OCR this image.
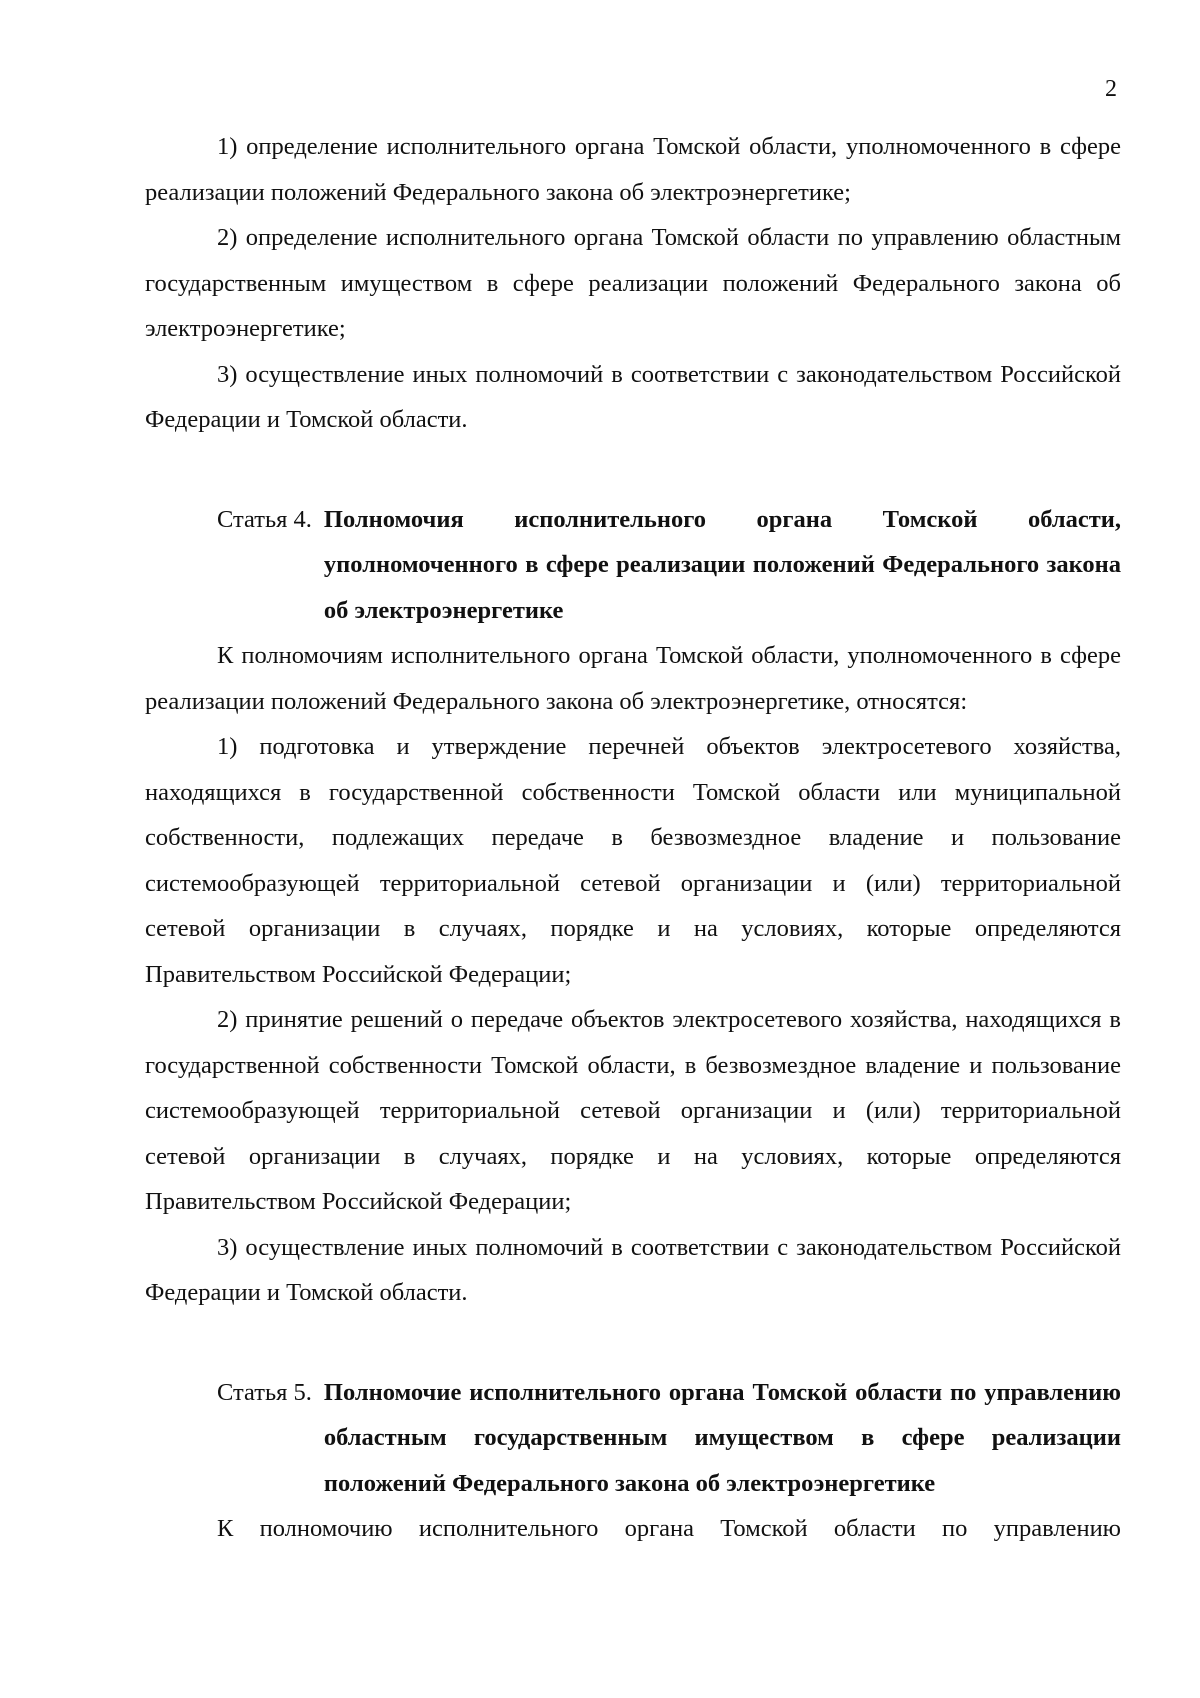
2

1) определение исполнительного органа Томской области, уполномоченного в сфере реализации положений Федерального закона об электроэнергетике;

2) определение исполнительного органа Томской области по управлению областным государственным имуществом в сфере реализации положений Федерального закона об электроэнергетике;

3) осуществление иных полномочий в соответствии с законодательством Российской Федерации и Томской области.

Статья 4. Полномочия исполнительного органа Томской области, уполномоченного в сфере реализации положений Федерального закона об электроэнергетике

К полномочиям исполнительного органа Томской области, уполномоченного в сфере реализации положений Федерального закона об электроэнергетике, относятся:

1) подготовка и утверждение перечней объектов электросетевого хозяйства, находящихся в государственной собственности Томской области или муниципальной собственности, подлежащих передаче в безвозмездное владение и пользование системообразующей территориальной сетевой организации и (или) территориальной сетевой организации в случаях, порядке и на условиях, которые определяются Правительством Российской Федерации;

2) принятие решений о передаче объектов электросетевого хозяйства, находящихся в государственной собственности Томской области, в безвозмездное владение и пользование системообразующей территориальной сетевой организации и (или) территориальной сетевой организации в случаях, порядке и на условиях, которые определяются Правительством Российской Федерации;

3) осуществление иных полномочий в соответствии с законодательством Российской Федерации и Томской области.

Статья 5. Полномочие исполнительного органа Томской области по управлению областным государственным имуществом в сфере реализации положений Федерального закона об электроэнергетике

К полномочию исполнительного органа Томской области по управлению
